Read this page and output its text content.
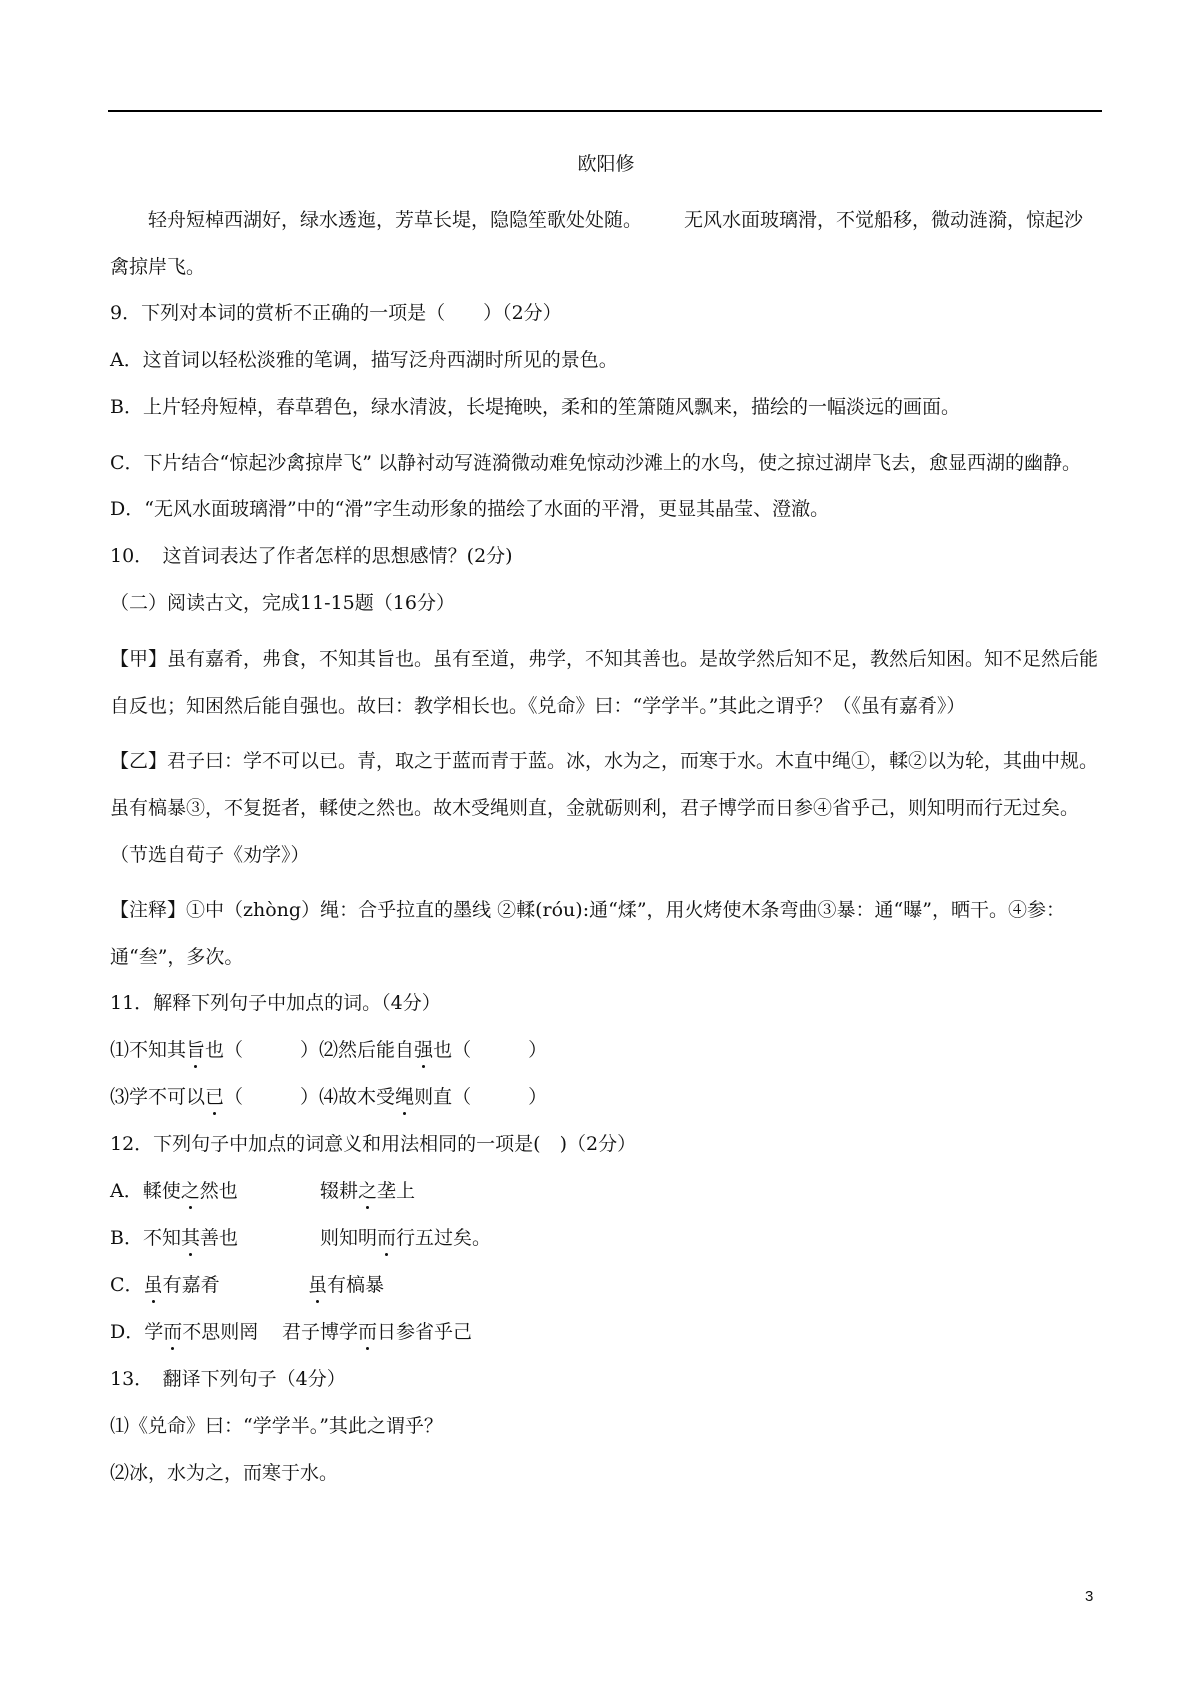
欧阳修

轻舟短棹西湖好，绿水透迤，芳草长堤，隐隐笙歌处处随。 无风水面玻璃滑，不觉船移，微动涟漪，惊起沙禽掠岸飞。

9．下列对本词的赏析不正确的一项是（　　）（2分）

A．这首词以轻松淡雅的笔调，描写泛舟西湖时所见的景色。

B．上片轻舟短棹，春草碧色，绿水清波，长堤掩映，柔和的笙箫随风飘来，描绘的一幅淡远的画面。

C．下片结合“惊起沙禽掠岸飞” 以静衬动写涟漪微动难免惊动沙滩上的水鸟，使之掠过湖岸飞去，愈显西湖的幽静。

D．“无风水面玻璃滑”中的“滑”字生动形象的描绘了水面的平滑，更显其晶莹、澄澈。

10．　这首词表达了作者怎样的思想感情？(2分)

（二）阅读古文，完成11-15题（16分）

【甲】虽有嘉肴，弗食，不知其旨也。虽有至道，弗学，不知其善也。是故学然后知不足，教然后知困。知不足然后能自反也；知困然后能自强也。故曰：教学相长也。《兑命》曰：“学学半。”其此之谓乎？（《虽有嘉肴》）

【乙】君子曰：学不可以已。青，取之于蓝而青于蓝。冰，水为之，而寒于水。木直中绳①，輮②以为轮，其曲中规。虽有槁暴③，不复挺者，輮使之然也。故木受绳则直，金就砺则利，君子博学而日参④省乎己，则知明而行无过矣。（节选自荀子《劝学》）

【注释】①中（zhòng）绳：合乎拉直的墨线 ②輮(róu):通“煣”，用火烤使木条弯曲③暴：通“曝”，晒干。④参：通“叁”，多次。

11．解释下列句子中加点的词。（4分）

⑴不知其旨也（　　　）⑵然后能自强也（　　　）

⑶学不可以已（　　　）⑷故木受绳则直（　　　）

12．下列句子中加点的词意义和用法相同的一项是(　)（2分）

A．輮使之然也	辍耕之垄上

B．不知其善也	则知明而行五过矣。

C．虽有嘉肴	虽有槁暴

D．学而不思则罔 君子博学而日参省乎己

13．　翻译下列句子（4分）

⑴《兑命》曰：“学学半。”其此之谓乎？

⑵冰，水为之，而寒于水。

3
